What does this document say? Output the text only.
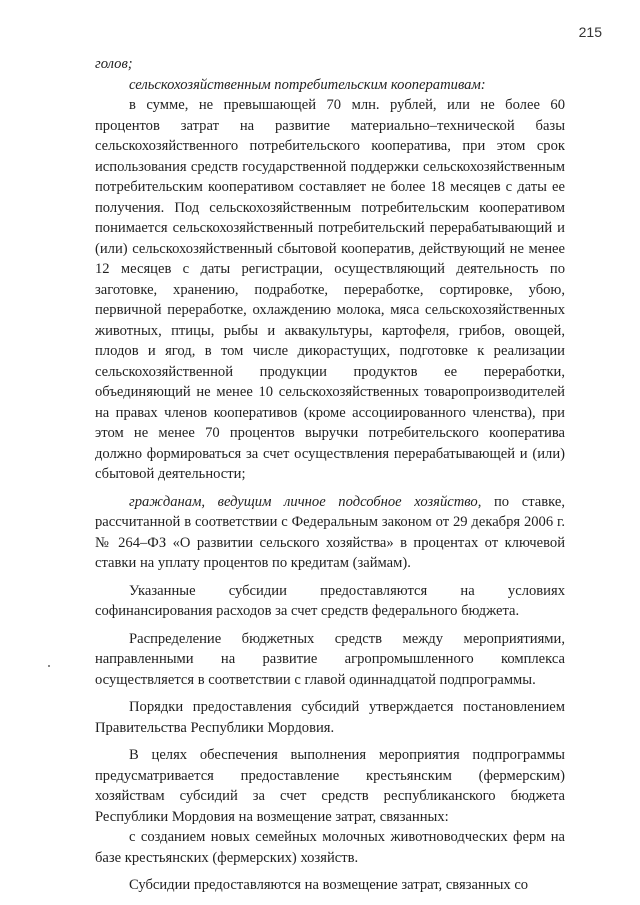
215

голов;

сельскохозяйственным потребительским кооперативам:

в сумме, не превышающей 70 млн. рублей, или не более 60 процентов затрат на развитие материально–технической базы сельскохозяйственного потребительского кооператива, при этом срок использования средств государственной поддержки сельскохозяйственным потребительским кооперативом составляет не более 18 месяцев с даты ее получения. Под сельскохозяйственным потребительским кооперативом понимается сельскохозяйственный потребительский перерабатывающий и (или) сельскохозяйственный сбытовой кооператив, действующий не менее 12 месяцев с даты регистрации, осуществляющий деятельность по заготовке, хранению, подработке, переработке, сортировке, убою, первичной переработке, охлаждению молока, мяса сельскохозяйственных животных, птицы, рыбы и аквакультуры, картофеля, грибов, овощей, плодов и ягод, в том числе дикорастущих, подготовке к реализации сельскохозяйственной продукции продуктов ее переработки, объединяющий не менее 10 сельскохозяйственных товаропроизводителей на правах членов кооперативов (кроме ассоциированного членства), при этом не менее 70 процентов выручки потребительского кооператива должно формироваться за счет осуществления перерабатывающей и (или) сбытовой деятельности;

гражданам, ведущим личное подсобное хозяйство, по ставке, рассчитанной в соответствии с Федеральным законом от 29 декабря 2006 г. № 264–ФЗ «О развитии сельского хозяйства» в процентах от ключевой ставки на уплату процентов по кредитам (займам).

Указанные субсидии предоставляются на условиях софинансирования расходов за счет средств федерального бюджета.

Распределение бюджетных средств между мероприятиями, направленными на развитие агропромышленного комплекса осуществляется в соответствии с главой одиннадцатой подпрограммы.

Порядки предоставления субсидий утверждается постановлением Правительства Республики Мордовия.

В целях обеспечения выполнения мероприятия подпрограммы предусматривается предоставление крестьянским (фермерским) хозяйствам субсидий за счет средств республиканского бюджета Республики Мордовия на возмещение затрат, связанных:

с созданием новых семейных молочных животноводческих ферм на базе крестьянских (фермерских) хозяйств.

Субсидии предоставляются на возмещение затрат, связанных со
